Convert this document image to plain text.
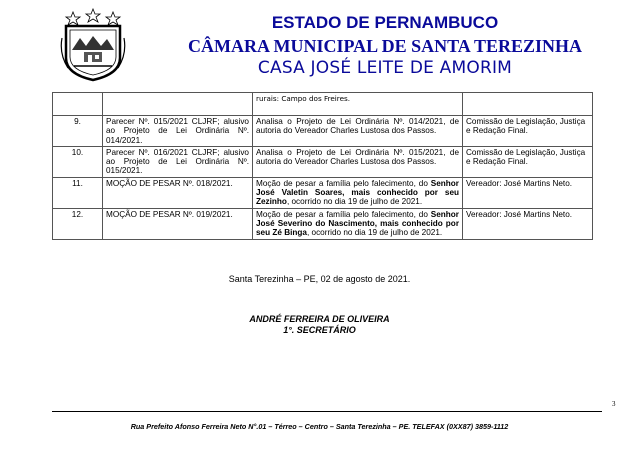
ESTADO DE PERNAMBUCO
CÂMARA MUNICIPAL DE SANTA TEREZINHA
CASA JOSÉ LEITE DE AMORIM
		rurais: Campo dos Freires.	
9.	Parecer Nº. 015/2021 CLJRF; alusivo ao Projeto de Lei Ordinária Nº. 014/2021.	Analisa o Projeto de Lei Ordinária Nº. 014/2021, de autoria do Vereador Charles Lustosa dos Passos.	Comissão de Legislação, Justiça e Redação Final.
10.	Parecer Nº. 016/2021 CLJRF; alusivo ao Projeto de Lei Ordinária Nº. 015/2021.	Analisa o Projeto de Lei Ordinária Nº. 015/2021, de autoria do Vereador Charles Lustosa dos Passos.	Comissão de Legislação, Justiça e Redação Final.
11.	MOÇÃO DE PESAR Nº. 018/2021.	Moção de pesar a família pelo falecimento, do Senhor José Valetin Soares, mais conhecido por seu Zezinho, ocorrido no dia 19 de julho de 2021.	Vereador: José Martins Neto.
12.	MOÇÃO DE PESAR Nº. 019/2021.	Moção de pesar a família pelo falecimento, do Senhor José Severino do Nascimento, mais conhecido por seu Zé Binga, ocorrido no dia 19 de julho de 2021.	Vereador: José Martins Neto.
Santa Terezinha – PE, 02 de agosto de 2021.
ANDRÉ FERREIRA DE OLIVEIRA
1°. SECRETÁRIO
3
Rua Prefeito Afonso Ferreira Neto N°.01 – Térreo – Centro – Santa Terezinha – PE. TELEFAX (0XX87) 3859-1112
